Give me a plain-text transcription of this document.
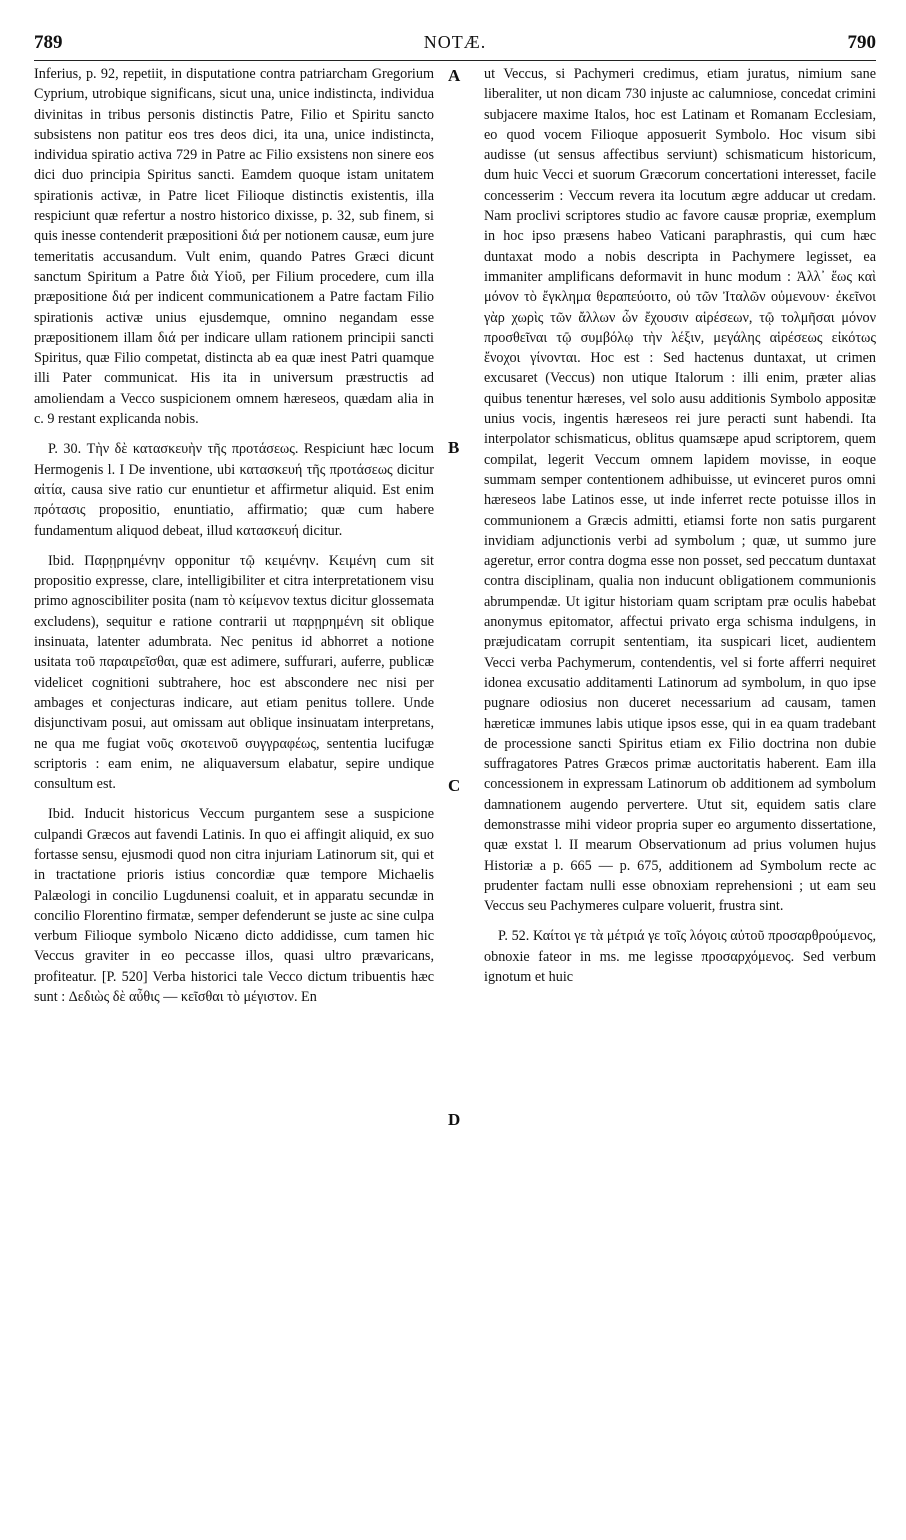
789	NOTÆ.	790
A
B
C
D

Inferius, p. 92, repetiit, in disputatione contra patriarcham Gregorium Cyprium, utrobique significans, sicut una, unice indistincta, individua divinitas in tribus personis distinctis Patre, Filio et Spiritu sancto subsistens non patitur eos tres deos dici, ita una, unice indistincta, individua spiratio activa 729 in Patre ac Filio exsistens non sinere eos dici duo principia Spiritus sancti. Eamdem quoque istam unitatem spirationis activæ, in Patre licet Filioque distinctis existentis, illa respiciunt quæ refertur a nostro historico dixisse, p. 32, sub finem, si quis inesse contenderit præpositioni διά per notionem causæ, eum jure temeritatis accusandum. Vult enim, quando Patres Græci dicunt sanctum Spiritum a Patre διὰ Υἱοῦ, per Filium procedere, cum illa præpositione διά per indicent communicationem a Patre factam Filio spirationis activæ unius ejusdemque, omnino negandam esse præpositionem illam διά per indicare ullam rationem principii sancti Spiritus, quæ Filio competat, distincta ab ea quæ inest Patri quamque illi Pater communicat. His ita in universum præstructis ad amoliendam a Vecco suspicionem omnem hæreseos, quædam alia in c. 9 restant explicanda nobis.

P. 30. Τὴν δὲ κατασκευὴν τῆς προτάσεως. Respiciunt hæc locum Hermogenis l. I De inventione, ubi κατασκευή τῆς προτάσεως dicitur αἰτία, causa sive ratio cur enuntietur et affirmetur aliquid. Est enim πρότασις propositio, enuntiatio, affirmatio; quæ cum habere fundamentum aliquod debeat, illud κατασκευή dicitur.

Ibid. Παρῃρημένην opponitur τῷ κειμένην. Κειμένη cum sit propositio expresse, clare, intelligibiliter et citra interpretationem visu primo agnoscibiliter posita (nam τὸ κείμενον textus dicitur glossemata excludens), sequitur e ratione contrarii ut παρῃρημένη sit oblique insinuata, latenter adumbrata. Nec penitus id abhorret a notione usitata τοῦ παραιρεῖσθαι, quæ est adimere, suffurari, auferre, publicæ videlicet cognitioni subtrahere, hoc est abscondere nec nisi per ambages et conjecturas indicare, aut etiam penitus tollere. Unde disjunctivam posui, aut omissam aut oblique insinuatam interpretans, ne qua me fugiat νοῦς σκοτεινοῦ συγγραφέως, sententia lucifugæ scriptoris : eam enim, ne aliquaversum elabatur, sepire undique consultum est.

Ibid. Inducit historicus Veccum purgantem sese a suspicione culpandi Græcos aut favendi Latinis. In quo ei affingit aliquid, ex suo fortasse sensu, ejusmodi quod non citra injuriam Latinorum sit, qui et in tractatione prioris istius concordiæ quæ tempore Michaelis Palæologi in concilio Lugdunensi coaluit, et in apparatu secundæ in concilio Florentino firmatæ, semper defenderunt se juste ac sine culpa verbum Filioque symbolo Nicæno dicto addidisse, cum tamen hic Veccus graviter in eo peccasse illos, quasi ultro prævaricans, profiteatur. [P. 520] Verba historici tale Vecco dictum tribuentis hæc sunt : Δεδιὼς δὲ αὖθις — κεῖσθαι τὸ μέγιστον. En

ut Veccus, si Pachymeri credimus, etiam juratus, nimium sane liberaliter, ut non dicam 730 injuste ac calumniose, concedat crimini subjacere maxime Italos, hoc est Latinam et Romanam Ecclesiam, eo quod vocem Filioque apposuerit Symbolo. Hoc visum sibi audisse (ut sensus affectibus serviunt) schismaticum historicum, dum huic Vecci et suorum Græcorum concertationi interesset, facile concesserim : Veccum revera ita locutum ægre adducar ut credam. Nam proclivi scriptores studio ac favore causæ propriæ, exemplum in hoc ipso præsens habeo Vaticani paraphrastis, qui cum hæc duntaxat modo a nobis descripta in Pachymere legisset, ea immaniter amplificans deformavit in hunc modum : Ἀλλ᾽ ἕως καὶ μόνον τὸ ἔγκλημα θεραπεύοιτο, οὐ τῶν Ἰταλῶν οὐμενουν· ἐκεῖνοι γὰρ χωρὶς τῶν ἄλλων ὧν ἔχουσιν αἱρέσεων, τῷ τολμῆσαι μόνον προσθεῖναι τῷ συμβόλῳ τὴν λέξιν, μεγάλης αἱρέσεως εἰκότως ἔνοχοι γίνονται. Hoc est : Sed hactenus duntaxat, ut crimen excusaret (Veccus) non utique Italorum : illi enim, præter alias quibus tenentur hæreses, vel solo ausu additionis Symbolo appositæ unius vocis, ingentis hæreseos rei jure peracti sunt habendi. Ita interpolator schismaticus, oblitus quamsæpe apud scriptorem, quem compilat, legerit Veccum omnem lapidem movisse, in eoque summam semper contentionem adhibuisse, ut evinceret puros omni hæreseos labe Latinos esse, ut inde inferret recte potuisse illos in communionem a Græcis admitti, etiamsi forte non satis purgarent invidiam adjunctionis verbi ad symbolum ; quæ, ut summo jure ageretur, error contra dogma esse non posset, sed peccatum duntaxat contra disciplinam, qualia non inducunt obligationem communionis abrumpendæ. Ut igitur historiam quam scriptam præ oculis habebat anonymus epitomator, affectui privato erga schisma indulgens, in præjudicatam corrupit sententiam, ita suspicari licet, audientem Vecci verba Pachymerum, contendentis, vel si forte afferri nequiret idonea excusatio additamenti Latinorum ad symbolum, in quo ipse pugnare odiosius non duceret necessarium ad causam, tamen hæreticæ immunes labis utique ipsos esse, qui in ea quam tradebant de processione sancti Spiritus etiam ex Filio doctrina non dubie suffragatores Patres Græcos primæ auctoritatis haberent. Eam illa concessionem in expressam Latinorum ob additionem ad symbolum damnationem augendo pervertere. Utut sit, equidem satis clare demonstrasse mihi videor propria super eo argumento dissertatione, quæ exstat l. II mearum Observationum ad prius volumen hujus Historiæ a p. 665 — p. 675, additionem ad Symbolum recte ac prudenter factam nulli esse obnoxiam reprehensioni ; ut eam seu Veccus seu Pachymeres culpare voluerit, frustra sint.

P. 52. Καίτοι γε τὰ μέτριά γε τοῖς λόγοις αὐτοῦ προσαρθρούμενος, obnoxie fateor in ms. me legisse προσαρχόμενος. Sed verbum ignotum et huic
